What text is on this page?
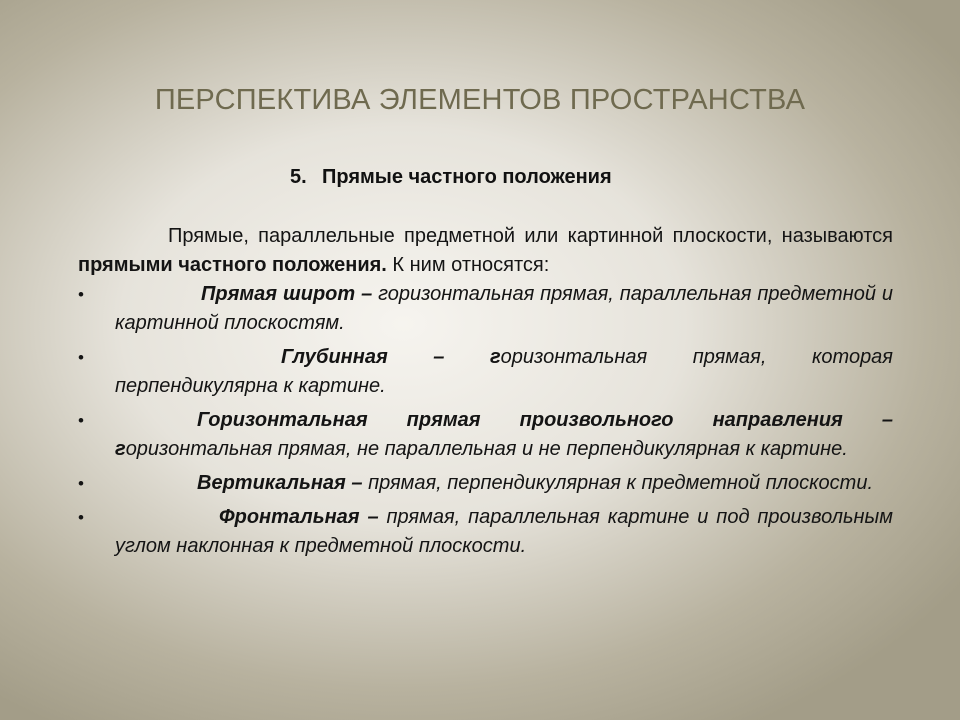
ПЕРСПЕКТИВА ЭЛЕМЕНТОВ ПРОСТРАНСТВА
5. Прямые частного положения
Прямые, параллельные предметной или картинной плоскости, называются прямыми частного положения. К ним относятся:
•	Прямая широт – горизонтальная прямая, параллельная предметной и картинной плоскостям.
•	Глубинная – горизонтальная прямая, которая перпендикулярна к картине.
•	Горизонтальная прямая произвольного направления – горизонтальная прямая, не параллельная и не перпендикулярная к картине.
•	Вертикальная – прямая, перпендикулярная к предметной плоскости.
•	Фронтальная – прямая, параллельная картине и под произвольным углом наклонная к предметной плоскости.
